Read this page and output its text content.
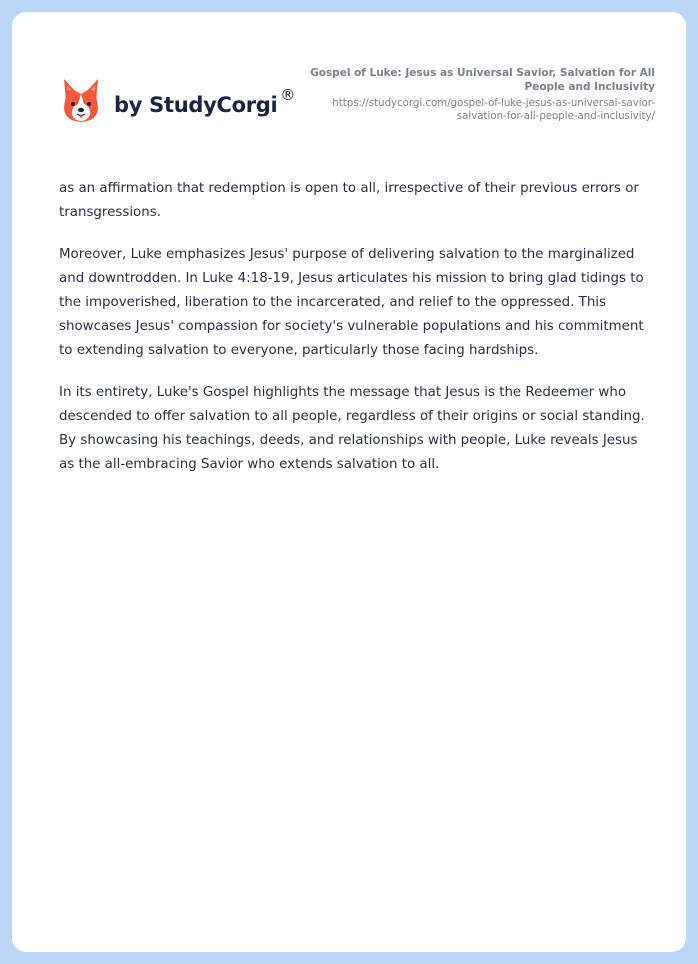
by StudyCorgi ®
Gospel of Luke: Jesus as Universal Savior, Salvation for All People and Inclusivity
https://studycorgi.com/gospel-of-luke-jesus-as-universal-savior-salvation-for-all-people-and-inclusivity/

as an affirmation that redemption is open to all, irrespective of their previous errors or transgressions.

Moreover, Luke emphasizes Jesus' purpose of delivering salvation to the marginalized and downtrodden. In Luke 4:18-19, Jesus articulates his mission to bring glad tidings to the impoverished, liberation to the incarcerated, and relief to the oppressed. This showcases Jesus' compassion for society's vulnerable populations and his commitment to extending salvation to everyone, particularly those facing hardships.

In its entirety, Luke's Gospel highlights the message that Jesus is the Redeemer who descended to offer salvation to all people, regardless of their origins or social standing. By showcasing his teachings, deeds, and relationships with people, Luke reveals Jesus as the all-embracing Savior who extends salvation to all.
